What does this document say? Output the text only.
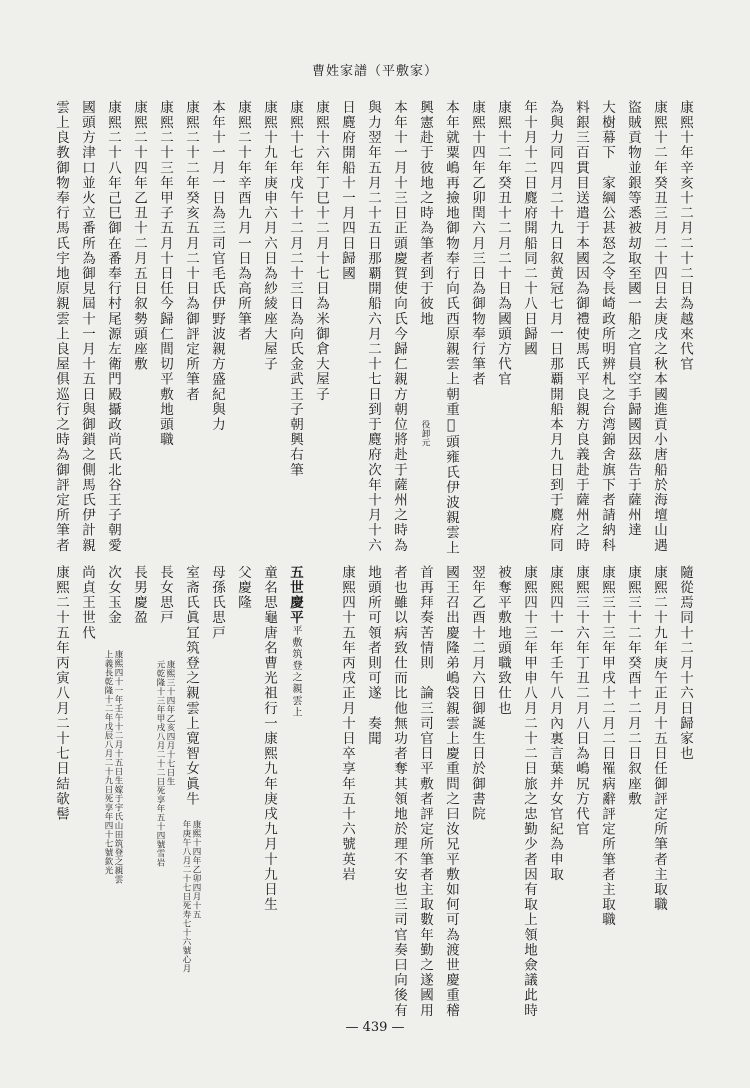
曹姓家譜（平敷家）
康熙十年辛亥十二月二十二日為越來代官
康熙十二年癸丑三月二十四日去庚戌之秋本國進貢小唐船於海壇山遇
盜賊貢物並銀等悉被刧取至國一船之官員空手歸國因茲告于薩州達
大樹幕下　家綱公甚怒之令長崎政所明辨札之台湾錦舍旗下者請納科
料銀三百貫目送遣于本國因為御禮使馬氏平良親方良義赴于薩州之時
為與力同四月二十九日叙黄冠七月一日那覇開船本月九日到于麑府同
年十月十二日麑府開船同二十八日歸國
康熙十二年癸丑十二月二十日為國頭方代官
康熙十四年乙卯閏六月三日為御物奉行筆者
本年就粟嶋再撿地御物奉行向氏西原親雲上朝重𥫨頭雍氏伊波親雲上
興憲赴于彼地之時為筆者到于彼地
役卸元
本年十一月十三日正頭慶賀使向氏今歸仁親方朝位將赴于薩州之時為
與力翌年五月二十五日那覇開船六月二十七日到于麑府次年十月十六
日麑府開船十一月四日歸國
康熙十六年丁巳十二月十七日為米御倉大屋子
康熙十七年戊午十二月二十三日為向氏金武王子朝興右筆
康熙十九年庚申六月六日為紗綾座大屋子
康熙二十年辛酉九月一日為高所筆者
本年十一月一日為三司官毛氏伊野波親方盛紀與力
康熙二十二年癸亥五月二十日為御評定所筆者
康熙二十三年甲子五月十日任今歸仁間切平敷地頭職
康熙二十四年乙丑十二月五日叙勢頭座敷
康熙二十八年己巳御在番奉行村尾源左衛門殿攝政尚氏北谷王子朝愛
國頭方津口並火立番所為御見屆十一月十五日與御鎖之側馬氏伊計親
雲上良教御物奉行馬氏宇地原親雲上良屋俱巡行之時為御評定所筆者
隨從焉同十二月十六日歸家也
康熙二十九年庚午正月十五日任御評定所筆者主取職
康熙三十二年癸酉十二月二日叙座敷
康熙三十三年甲戌十二月二日罹病辭評定所筆者主取職
康熙三十六年丁丑二月八日為嶋尻方代官
康熙四十一年壬午八月內裏言葉并女官紀為申取
康熙四十三年甲申八月二十二日旅之忠勤少者因有取上領地僉議此時
被奪平敷地頭職致仕也
翌年乙酉十二月六日御誕生日於御書院
國王召出慶隆弟嶋袋親雲上慶重問之曰汝兄平敷如何可為渡世慶重稽
首再拜奏苦情則　論三司官日平敷者評定所筆者主取數年勤之遂國用
者也雖以病致仕而比他無功者奪其領地於理不安也三司官奏曰向後有
地頭所可領者則可遂　奏聞
康熙四十五年丙戌正月十日卒享年五十六號英岩
五世慶平平敷筑登之親雲上
童名思龜唐名曹光祖行一康熙九年庚戌九月十九日生
父慶隆
母孫氏思戸
室斋氏眞冝筑登之親雲上寛智女眞牛
康熙十四年乙卯四月十五
年庚午八月二十七日死寿七十六號心月
長女思戸
康熙三十四年乙亥四月十七日生
元乾隆十三年甲戌八月二十二日死享年五十四號雪岩
長男慶盈
次女玉金
康熙四十一年壬午十二月十五日生嫁于宇氏山田筑登之親雲
上義長乾隆十二年戊辰八月二十九日死享年四十七號欽光
尚貞王世代
康熙二十五年丙寅八月二十七日結欹髻
— 439 —
